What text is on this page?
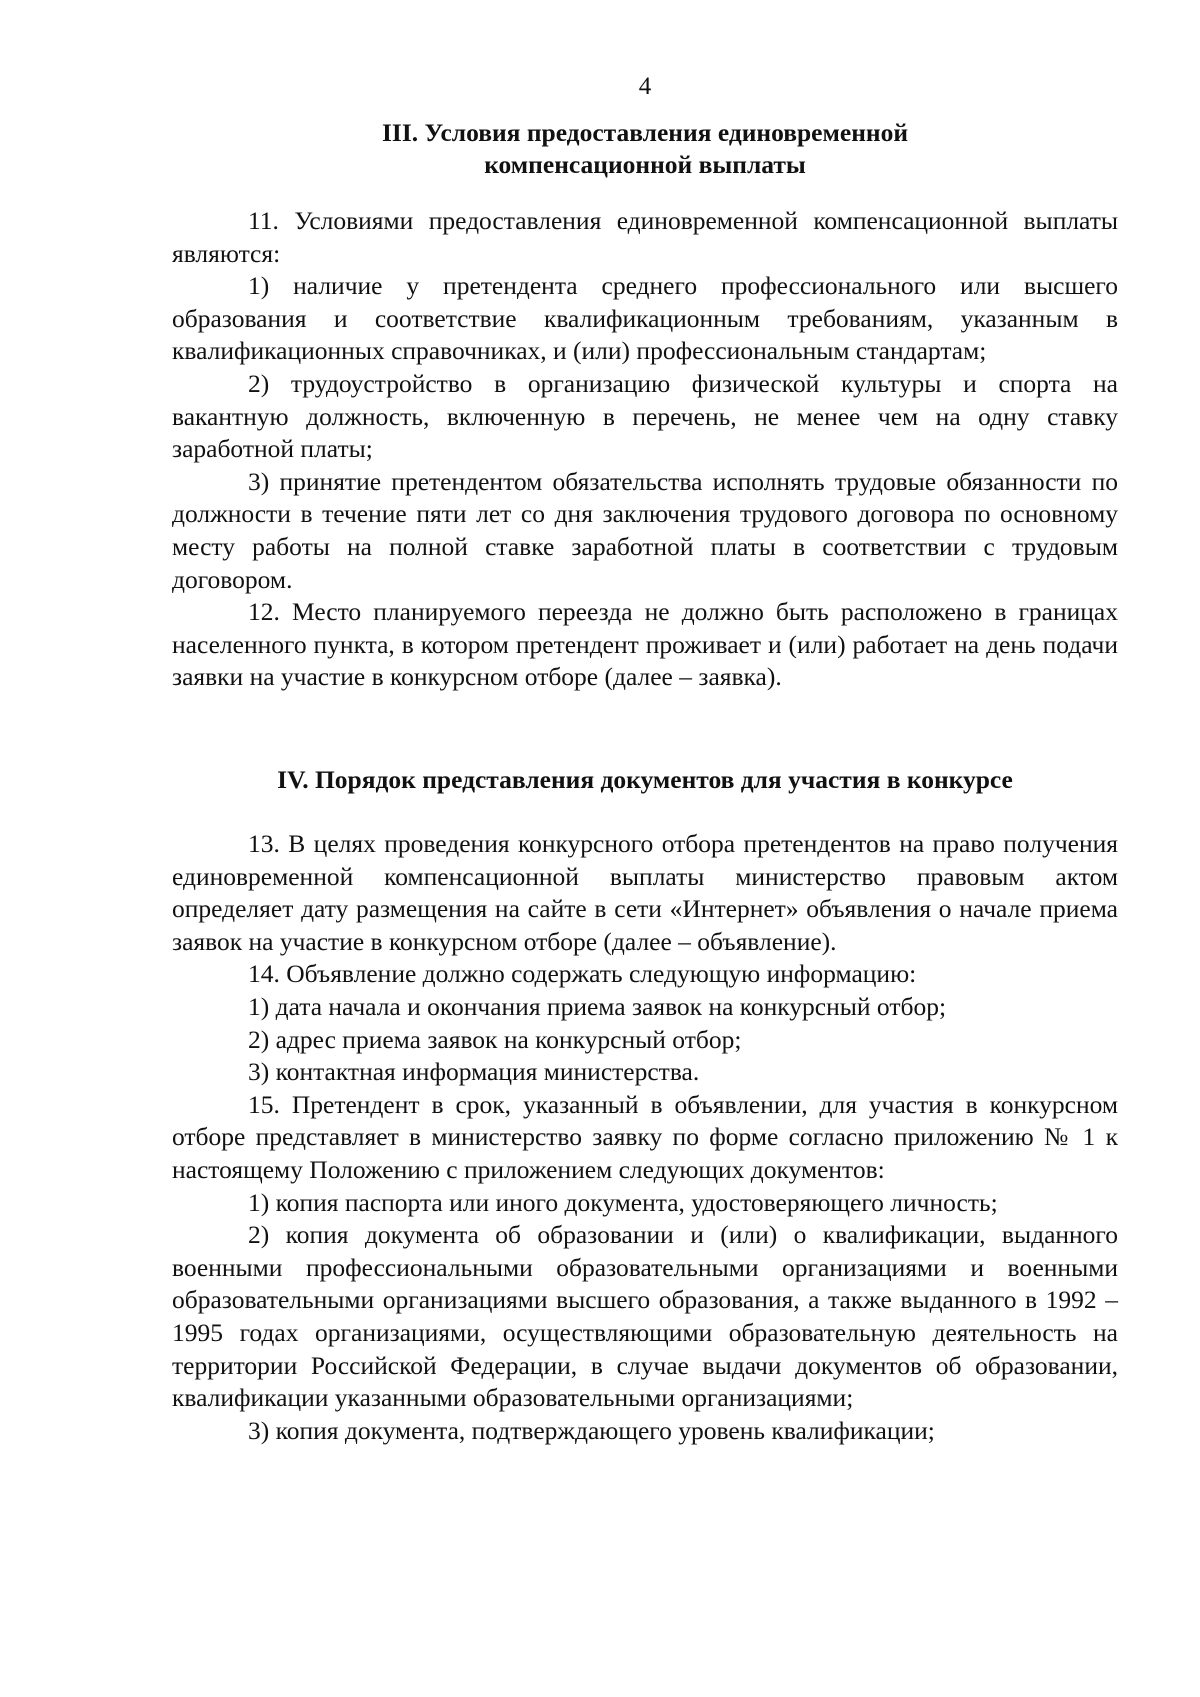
4
III. Условия предоставления единовременной
компенсационной выплаты

11. Условиями предоставления единовременной компенсационной выплаты являются:

1) наличие у претендента среднего профессионального или высшего образования и соответствие квалификационным требованиям, указанным в квалификационных справочниках, и (или) профессиональным стандартам;

2) трудоустройство в организацию физической культуры и спорта на вакантную должность, включенную в перечень, не менее чем на одну ставку заработной платы;

3) принятие претендентом обязательства исполнять трудовые обязанности по должности в течение пяти лет со дня заключения трудового договора по основному месту работы на полной ставке заработной платы в соответствии с трудовым договором.

12. Место планируемого переезда не должно быть расположено в границах населенного пункта, в котором претендент проживает и (или) работает на день подачи заявки на участие в конкурсном отборе (далее – заявка).

IV. Порядок представления документов для участия в конкурсе

13. В целях проведения конкурсного отбора претендентов на право получения единовременной компенсационной выплаты министерство правовым актом определяет дату размещения на сайте в сети «Интернет» объявления о начале приема заявок на участие в конкурсном отборе (далее – объявление).

14. Объявление должно содержать следующую информацию:

1) дата начала и окончания приема заявок на конкурсный отбор;

2) адрес приема заявок на конкурсный отбор;

3) контактная информация министерства.

15. Претендент в срок, указанный в объявлении, для участия в конкурсном отборе представляет в министерство заявку по форме согласно приложению № 1 к настоящему Положению с приложением следующих документов:

1) копия паспорта или иного документа, удостоверяющего личность;

2) копия документа об образовании и (или) о квалификации, выданного военными профессиональными образовательными организациями и военными образовательными организациями высшего образования, а также выданного в 1992 – 1995 годах организациями, осуществляющими образовательную деятельность на территории Российской Федерации, в случае выдачи документов об образовании, квалификации указанными образовательными организациями;

3) копия документа, подтверждающего уровень квалификации;
